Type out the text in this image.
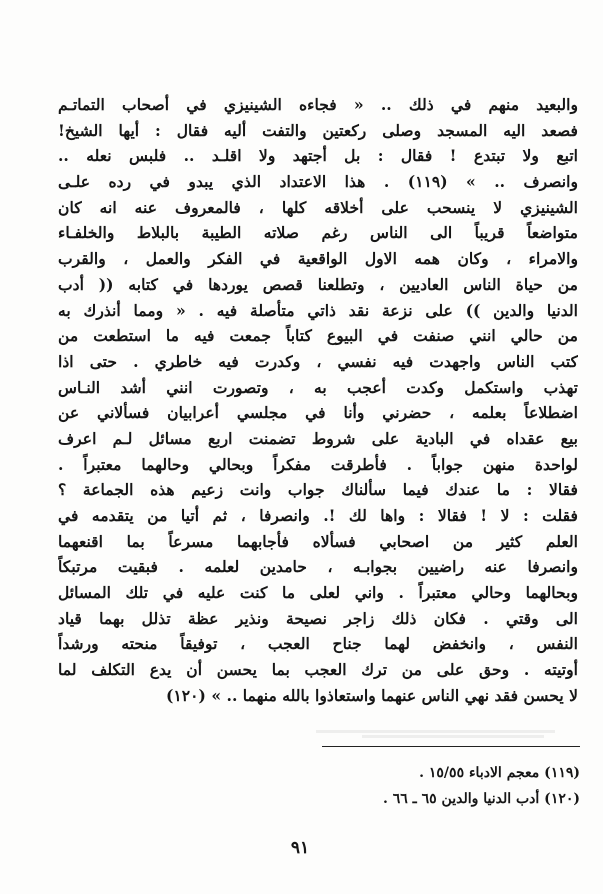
والبعيد منهم في ذلك .. « فجاءه الشينيزي في أصحاب التماتـم
فصعد اليه المسجد وصلى ركعتين والتفت أليه فقال : أيها الشيخ!
اتبع ولا تبتدع ! فقال : بل أجتهد ولا اقلـد .. فلبس نعله ..
وانصرف .. » (١١٩) . هذا الاعتداد الذي يبدو في رده علـى
الشينيزي لا ينسحب على أخلاقه كلها ، فالمعروف عنه انه كان
متواضعاً قريباً الى الناس رغم صلاته الطيبة بالبلاط والخلفـاء
والامراء ، وكان همه الاول الواقعية في الفكر والعمل ، والقرب
من حياة الناس العاديين ، وتطلعنا قصص يوردها في كتابه (( أدب
الدنيا والدين )) على نزعة نقد ذاتي متأصلة فيه . « ومما أنذرك به
من حالي انني صنفت في البيوع كتاباً جمعت فيه ما استطعت من
كتب الناس واجهدت فيه نفسي ، وكدرت فيه خاطري . حتى اذا
تهذب واستكمل وكدت أعجب به ، وتصورت انني أشد النـاس
اضطلاعاً بعلمه ، حضرني وأنا في مجلسي أعرابيان فسألاني عن
بيع عقداه في البادية على شروط تضمنت اربع مسائل لـم اعرف
لواحدة منهن جواباً . فأطرقت مفكراً وبحالي وحالهما معتبراً .
فقالا : ما عندك فيما سألناك جواب وانت زعيم هذه الجماعة ؟
فقلت : لا ! فقالا : واها لك !. وانصرفا ، ثم أتيا من يتقدمه في
العلم كثير من اصحابي فسألاه فأجابهما مسرعاً بما اقنعهما
وانصرفا عنه راضيين بجوابـه ، حامدين لعلمه . فبقيت مرتبكاً
وبحالهما وحالي معتبراً . واني لعلى ما كنت عليه في تلك المسائل
الى وقتي . فكان ذلك زاجر نصيحة ونذير عظة تذلل بهما قياد
النفس ، وانخفض لهما جناح العجب ، توفيقاً منحته ورشداً
أوتيته . وحق على من ترك العجب بما يحسن أن يدع التكلف لما
لا يحسن فقد نهي الناس عنهما واستعاذوا بالله منهما .. » (١٢٠)
(١١٩) معجم الادباء ١٥/٥٥ .
(١٢٠) أدب الدنيا والدين ٦٥ ـ ٦٦ .
٩١
